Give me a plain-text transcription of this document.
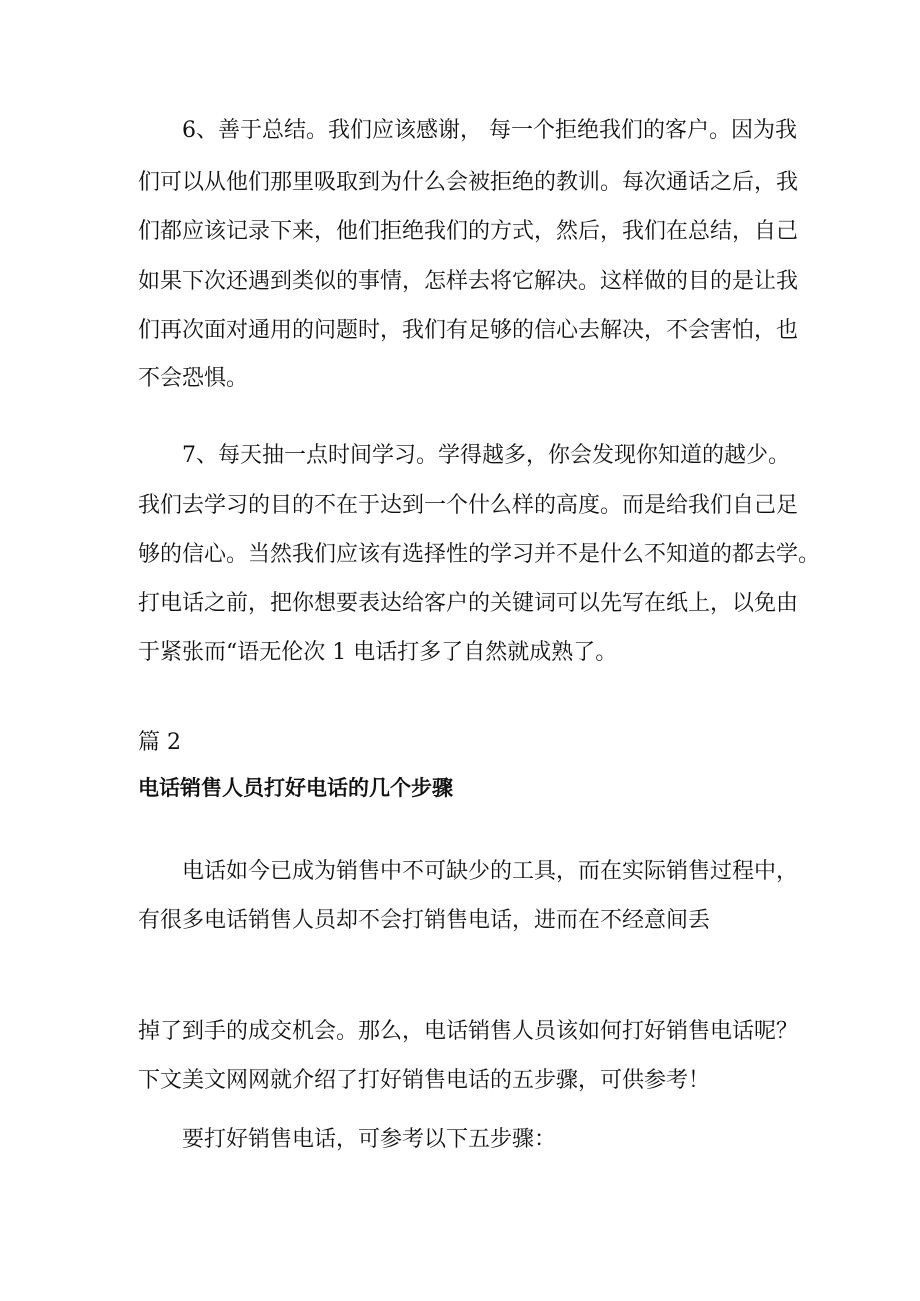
6、善于总结。我们应该感谢， 每一个拒绝我们的客户。因为我
们可以从他们那里吸取到为什么会被拒绝的教训。每次通话之后，我
们都应该记录下来，他们拒绝我们的方式，然后，我们在总结，自己
如果下次还遇到类似的事情，怎样去将它解决。这样做的目的是让我
们再次面对通用的问题时，我们有足够的信心去解决，不会害怕，也
不会恐惧。
7、每天抽一点时间学习。学得越多，你会发现你知道的越少。
我们去学习的目的不在于达到一个什么样的高度。而是给我们自己足
够的信心。当然我们应该有选择性的学习并不是什么不知道的都去学。
打电话之前，把你想要表达给客户的关键词可以先写在纸上，以免由
于紧张而“语无伦次 1 电话打多了自然就成熟了。
篇 2
电话销售人员打好电话的几个步骤
电话如今已成为销售中不可缺少的工具，而在实际销售过程中，
有很多电话销售人员却不会打销售电话，进而在不经意间丢
掉了到手的成交机会。那么，电话销售人员该如何打好销售电话呢？
下文美文网网就介绍了打好销售电话的五步骤，可供参考！
要打好销售电话，可参考以下五步骤：
